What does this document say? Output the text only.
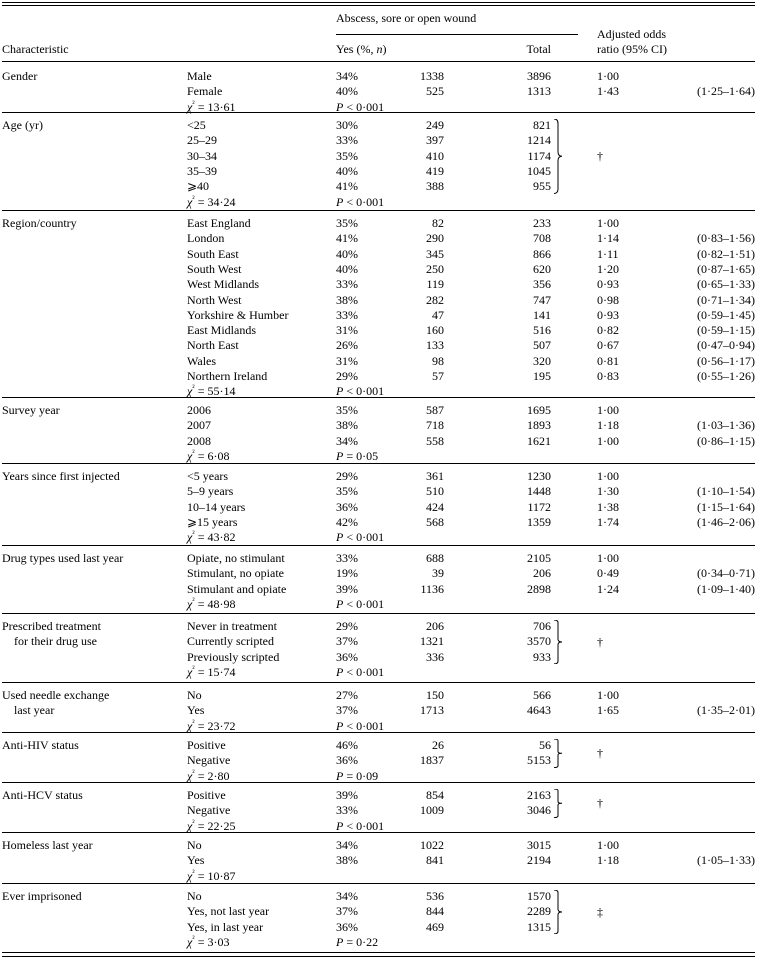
Abscess, sore or open wound
Adjusted odds
Characteristic	Yes (%, n)	Total	ratio (95% CI)
Gender	Male	34%	1338	3896	1·00
Female	40%	525	1313	1·43	(1·25–1·64)
$\chi^{^2} = 13\cdot 61$	P < 0·001
Age (yr)	<25	30%	249	821
25–29	33%	397	1214
30–34	35%	410	1174
35–39	40%	419	1045
⩾40	41%	388	955
$\chi^{^2} = 34\cdot 24$	P < 0·001
†
Region/country	East England	35%	82	233	1·00
London	41%	290	708	1·14	(0·83–1·56)
South East	40%	345	866	1·11	(0·82–1·51)
South West	40%	250	620	1·20	(0·87–1·65)
West Midlands	33%	119	356	0·93	(0·65–1·33)
North West	38%	282	747	0·98	(0·71–1·34)
Yorkshire & Humber	33%	47	141	0·93	(0·59–1·45)
East Midlands	31%	160	516	0·82	(0·59–1·15)
North East	26%	133	507	0·67	(0·47–0·94)
Wales	31%	98	320	0·81	(0·56–1·17)
Northern Ireland	29%	57	195	0·83	(0·55–1·26)
$\chi^{^2} = 55\cdot 14$	P < 0·001
Survey year	2006	35%	587	1695	1·00
2007	38%	718	1893	1·18	(1·03–1·36)
2008	34%	558	1621	1·00	(0·86–1·15)
$\chi^{^2} = 6\cdot 08$	P = 0·05
Years since first injected	<5 years	29%	361	1230	1·00
5–9 years	35%	510	1448	1·30	(1·10–1·54)
10–14 years	36%	424	1172	1·38	(1·15–1·64)
⩾15 years	42%	568	1359	1·74	(1·46–2·06)
$\chi^{^2} = 43\cdot 82$	P < 0·001
Drug types used last year	Opiate, no stimulant	33%	688	2105	1·00
Stimulant, no opiate	19%	39	206	0·49	(0·34–0·71)
Stimulant and opiate	39%	1136	2898	1·24	(1·09–1·40)
$\chi^{^2} = 48\cdot 98$	P < 0·001
Prescribed treatment
for their drug use
Never in treatment	29%	206	706
Currently scripted	37%	1321	3570
Previously scripted	36%	336	933
$\chi^{^2} = 15\cdot 74$	P < 0·001
†
Used needle exchange
last year
No	27%	150	566	1·00
Yes	37%	1713	4643	1·65	(1·35–2·01)
$\chi^{^2} = 23\cdot 72$	P < 0·001
Anti-HIV status	Positive	46%	26	56
Negative	36%	1837	5153
$\chi^{^2} = 2\cdot 80$	P = 0·09
†
Anti-HCV status	Positive	39%	854	2163
Negative	33%	1009	3046
$\chi^{^2} = 22\cdot 25$	P < 0·001
†
Homeless last year	No	34%	1022	3015	1·00
Yes	38%	841	2194	1·18	(1·05–1·33)
$\chi^{^2} = 10\cdot 87$
Ever imprisoned	No	34%	536	1570
Yes, not last year	37%	844	2289
Yes, in last year	36%	469	1315
$\chi^{^2} = 3\cdot 03$	P = 0·22
‡
